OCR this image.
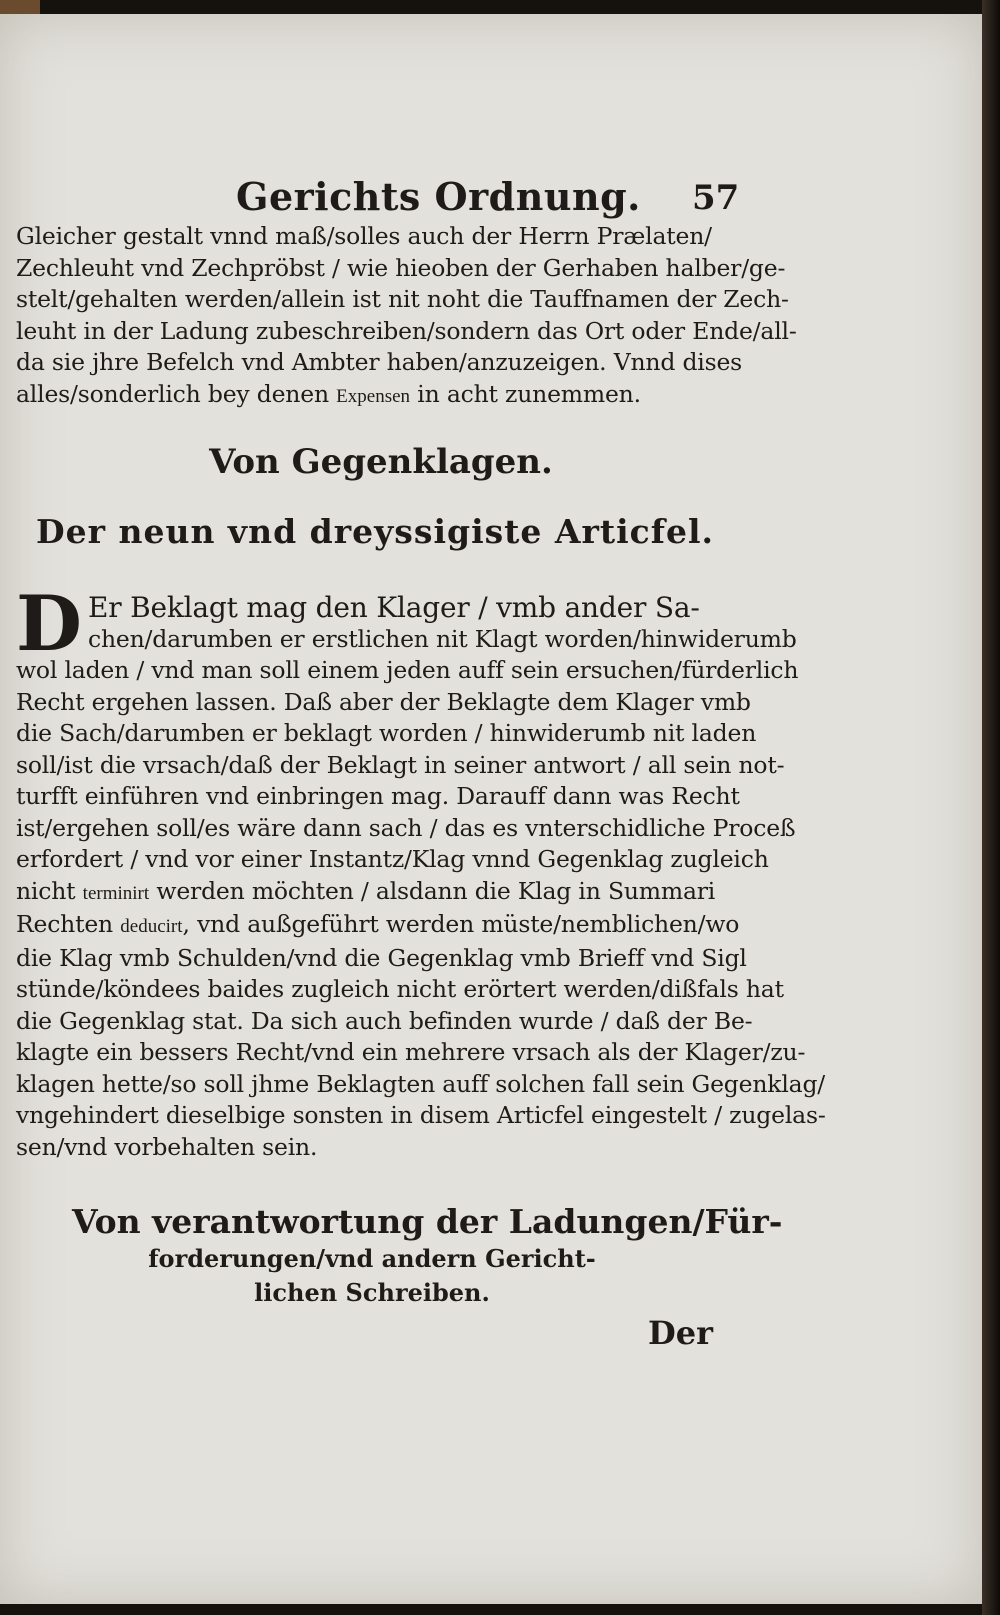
Gerichts Ordnung. 57
Gleicher gestalt vnnd maß/solles auch der Herrn Prælaten/
Zechleuht vnd Zechpröbst / wie hieoben der Gerhaben halber/ge-
stelt/gehalten werden/allein ist nit noht die Tauffnamen der Zech-
leuht in der Ladung zubeschreiben/sondern das Ort oder Ende/all-
da sie jhre Befelch vnd Ambter haben/anzuzeigen. Vnnd dises
alles/sonderlich bey denen Expensen in acht zunemmen.
Von Gegenklagen.
Der neun vnd dreyssigiste Articfel.
D Er Beklagt mag den Klager / vmb ander Sa-
chen/darumben er erstlichen nit Klagt worden/hinwiderumb
wol laden / vnd man soll einem jeden auff sein ersuchen/fürderlich
Recht ergehen lassen. Daß aber der Beklagte dem Klager vmb
die Sach/darumben er beklagt worden / hinwiderumb nit laden
soll/ist die vrsach/daß der Beklagt in seiner antwort / all sein not-
turfft einführen vnd einbringen mag. Darauff dann was Recht
ist/ergehen soll/es wäre dann sach / das es vnterschidliche Proceß
erfordert / vnd vor einer Instantz/Klag vnnd Gegenklag zugleich
nicht terminirt werden möchten / alsdann die Klag in Summari
Rechten deducirt, vnd außgeführt werden müste/nemblichen/wo
die Klag vmb Schulden/vnd die Gegenklag vmb Brieff vnd Sigl
stünde/köndees baides zugleich nicht erörtert werden/dißfals hat
die Gegenklag stat. Da sich auch befinden wurde / daß der Be-
klagte ein bessers Recht/vnd ein mehrere vrsach als der Klager/zu-
klagen hette/so soll jhme Beklagten auff solchen fall sein Gegenklag/
vngehindert dieselbige sonsten in disem Articfel eingestelt / zugelas-
sen/vnd vorbehalten sein.
Von verantwortung der Ladungen/Für-
forderungen/vnd andern Gericht-
lichen Schreiben.
Der
